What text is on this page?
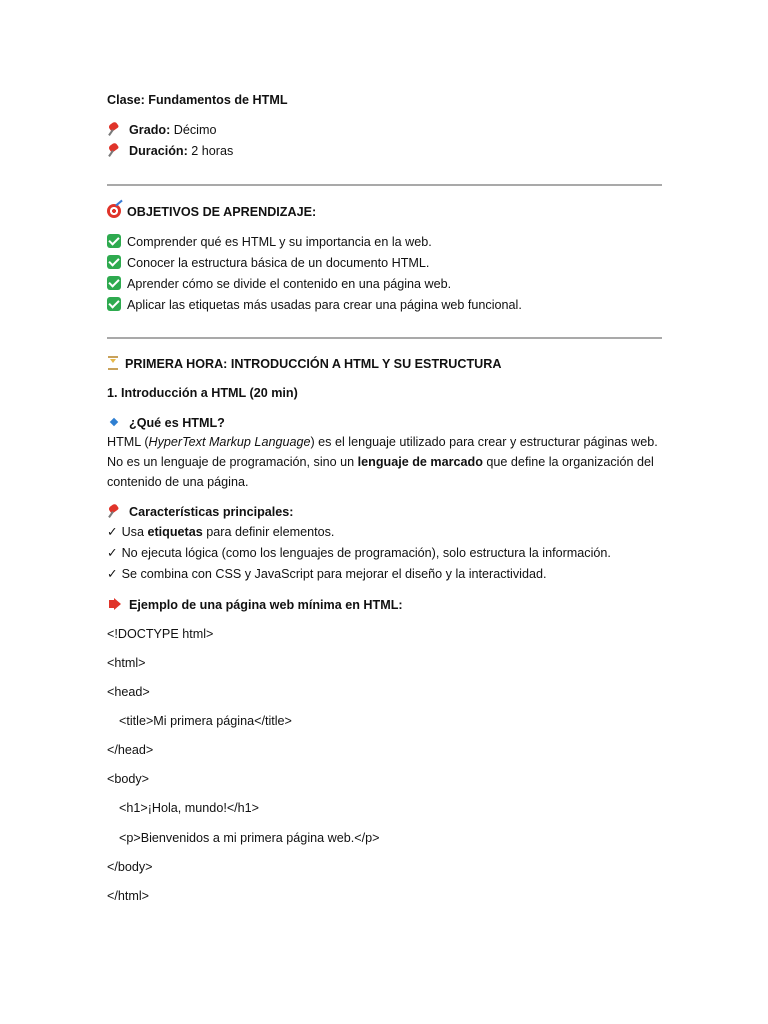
Clase: Fundamentos de HTML
Grado: Décimo
Duración: 2 horas
OBJETIVOS DE APRENDIZAJE:
Comprender qué es HTML y su importancia en la web.
Conocer la estructura básica de un documento HTML.
Aprender cómo se divide el contenido en una página web.
Aplicar las etiquetas más usadas para crear una página web funcional.
PRIMERA HORA: INTRODUCCIÓN A HTML Y SU ESTRUCTURA
1. Introducción a HTML (20 min)
¿Qué es HTML?
HTML (HyperText Markup Language) es el lenguaje utilizado para crear y estructurar páginas web.
No es un lenguaje de programación, sino un lenguaje de marcado que define la organización del
contenido de una página.
Características principales:
✓ Usa etiquetas para definir elementos.
✓ No ejecuta lógica (como los lenguajes de programación), solo estructura la información.
✓ Se combina con CSS y JavaScript para mejorar el diseño y la interactividad.
Ejemplo de una página web mínima en HTML:
<!DOCTYPE html>
<html>
<head>
<title>Mi primera página</title>
</head>
<body>
<h1>¡Hola, mundo!</h1>
<p>Bienvenidos a mi primera página web.</p>
</body>
</html>
